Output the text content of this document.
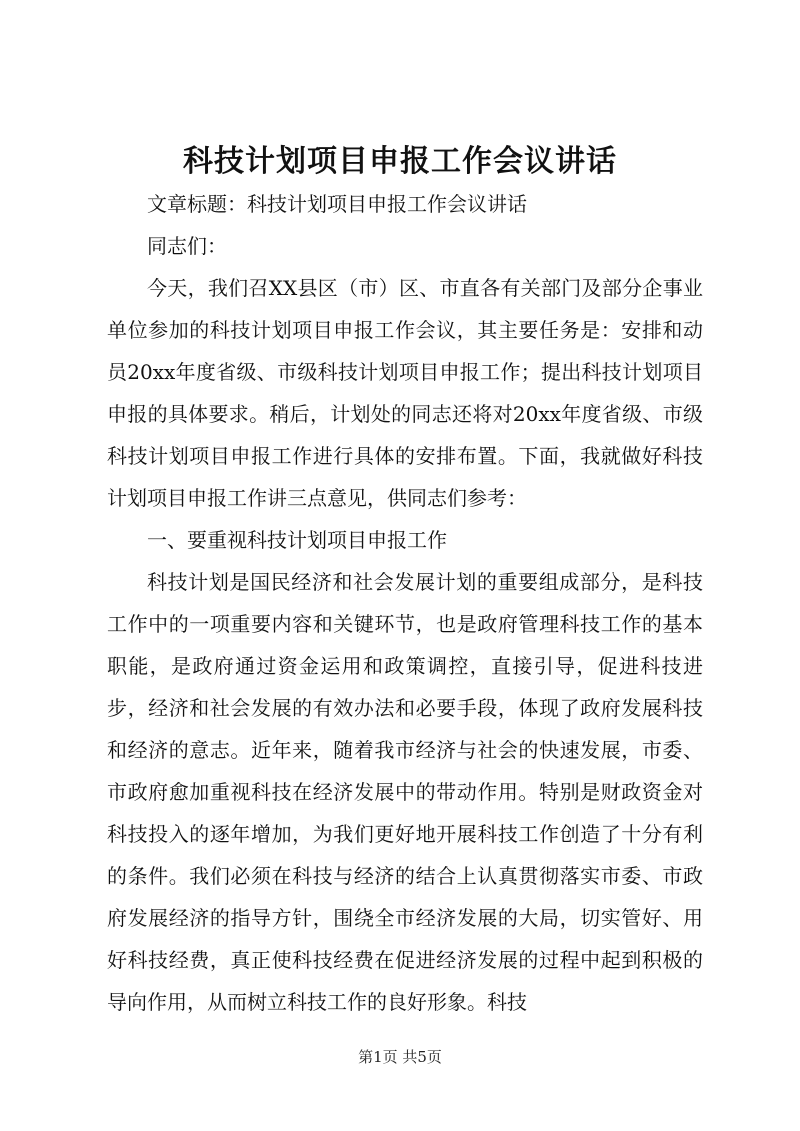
科技计划项目申报工作会议讲话

文章标题：科技计划项目申报工作会议讲话

同志们：

今天，我们召XX县区（市）区、市直各有关部门及部分企事业单位参加的科技计划项目申报工作会议，其主要任务是：安排和动员20xx年度省级、市级科技计划项目申报工作；提出科技计划项目申报的具体要求。稍后，计划处的同志还将对20xx年度省级、市级科技计划项目申报工作进行具体的安排布置。下面，我就做好科技计划项目申报工作讲三点意见，供同志们参考：

一、要重视科技计划项目申报工作

科技计划是国民经济和社会发展计划的重要组成部分，是科技工作中的一项重要内容和关键环节，也是政府管理科技工作的基本职能，是政府通过资金运用和政策调控，直接引导，促进科技进步，经济和社会发展的有效办法和必要手段，体现了政府发展科技和经济的意志。近年来，随着我市经济与社会的快速发展，市委、市政府愈加重视科技在经济发展中的带动作用。特别是财政资金对科技投入的逐年增加，为我们更好地开展科技工作创造了十分有利的条件。我们必须在科技与经济的结合上认真贯彻落实市委、市政府发展经济的指导方针，围绕全市经济发展的大局，切实管好、用好科技经费，真正使科技经费在促进经济发展的过程中起到积极的导向作用，从而树立科技工作的良好形象。科技

第1页 共5页
